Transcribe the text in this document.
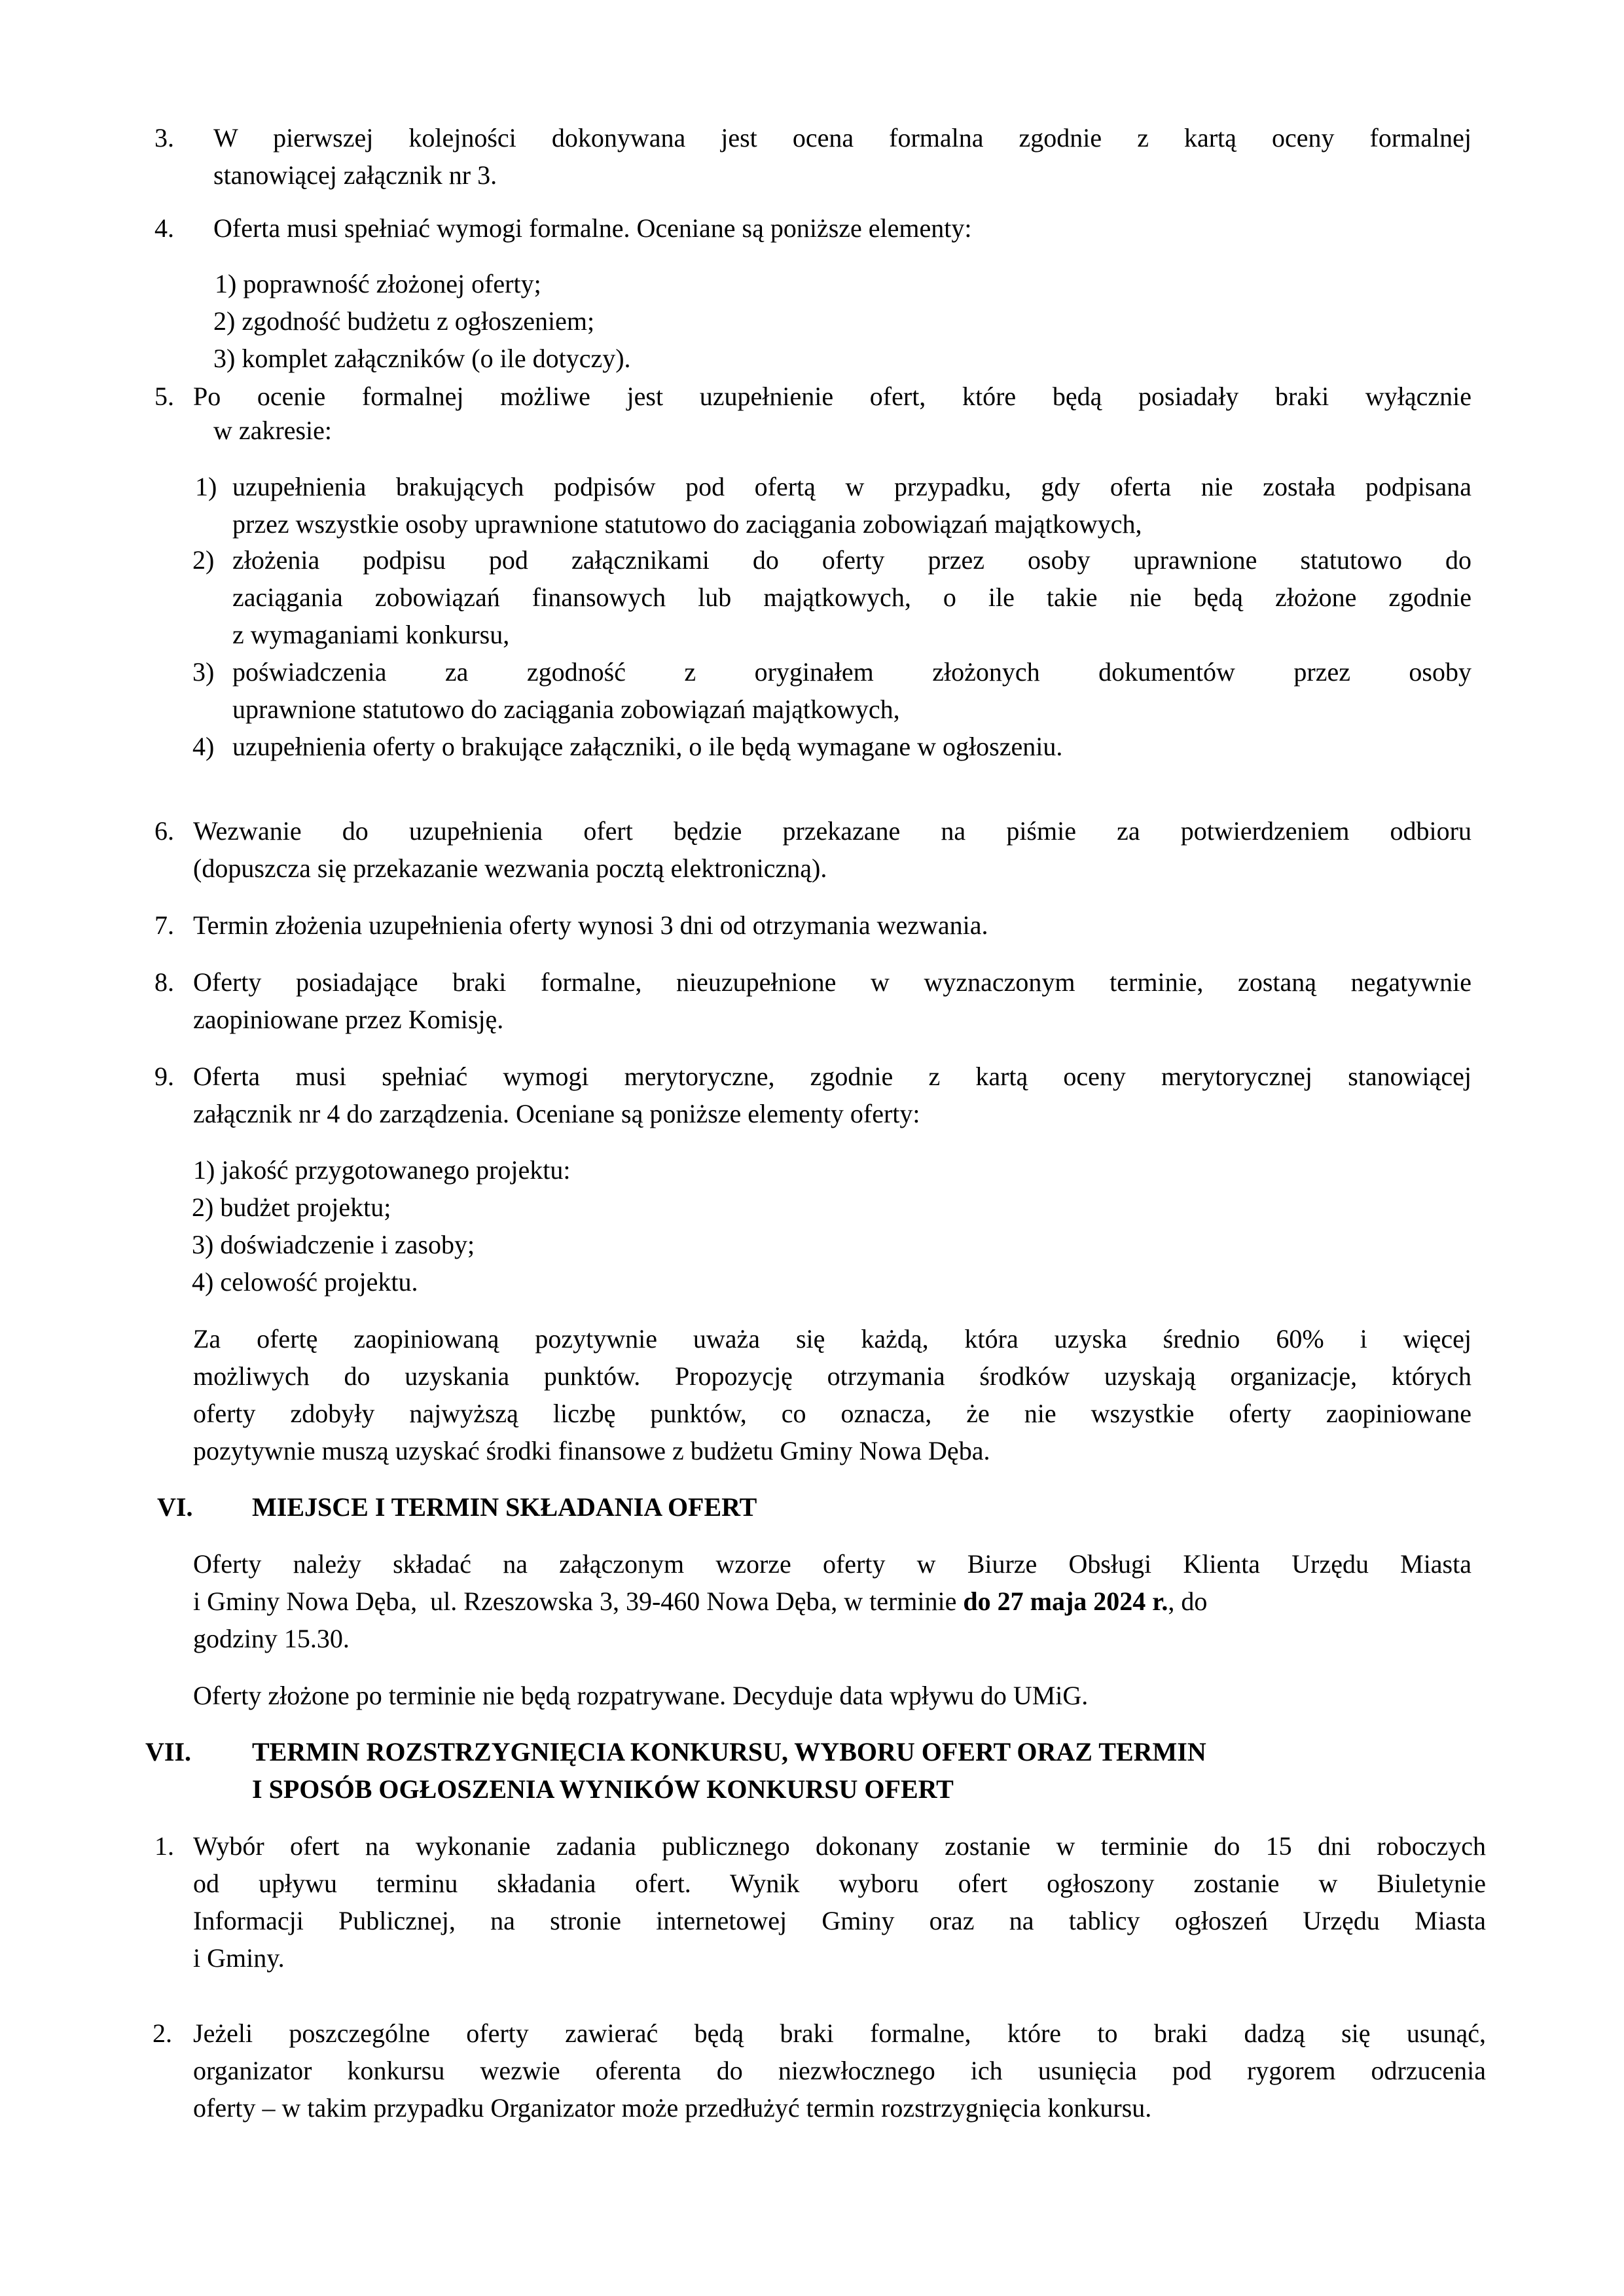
3. W pierwszej kolejności dokonywana jest ocena formalna zgodnie z kartą oceny formalnej
stanowiącej załącznik nr 3.
4. Oferta musi spełniać wymogi formalne. Oceniane są poniższe elementy:
1) poprawność złożonej oferty;
2) zgodność budżetu z ogłoszeniem;
3) komplet załączników (o ile dotyczy).
5. Po ocenie formalnej możliwe jest uzupełnienie ofert, które będą posiadały braki wyłącznie
w zakresie:
1) uzupełnienia brakujących podpisów pod ofertą w przypadku, gdy oferta nie została podpisana
przez wszystkie osoby uprawnione statutowo do zaciągania zobowiązań majątkowych,
2) złożenia podpisu pod załącznikami do oferty przez osoby uprawnione statutowo do
zaciągania zobowiązań finansowych lub majątkowych, o ile takie nie będą złożone zgodnie
z wymaganiami konkursu,
3) poświadczenia za zgodność z oryginałem złożonych dokumentów przez osoby
uprawnione statutowo do zaciągania zobowiązań majątkowych,
4) uzupełnienia oferty o brakujące załączniki, o ile będą wymagane w ogłoszeniu.
6. Wezwanie do uzupełnienia ofert będzie przekazane na piśmie za potwierdzeniem odbioru
(dopuszcza się przekazanie wezwania pocztą elektroniczną).
7. Termin złożenia uzupełnienia oferty wynosi 3 dni od otrzymania wezwania.
8. Oferty posiadające braki formalne, nieuzupełnione w wyznaczonym terminie, zostaną negatywnie
zaopiniowane przez Komisję.
9. Oferta musi spełniać wymogi merytoryczne, zgodnie z kartą oceny merytorycznej stanowiącej
załącznik nr 4 do zarządzenia. Oceniane są poniższe elementy oferty:
1) jakość przygotowanego projektu:
2) budżet projektu;
3) doświadczenie i zasoby;
4) celowość projektu.
Za ofertę zaopiniowaną pozytywnie uważa się każdą, która uzyska średnio 60% i więcej
możliwych do uzyskania punktów. Propozycję otrzymania środków uzyskają organizacje, których
oferty zdobyły najwyższą liczbę punktów, co oznacza, że nie wszystkie oferty zaopiniowane
pozytywnie muszą uzyskać środki finansowe z budżetu Gminy Nowa Dęba.
VI. MIEJSCE I TERMIN SKŁADANIA OFERT
Oferty należy składać na załączonym wzorze oferty w Biurze Obsługi Klienta Urzędu Miasta
i Gminy Nowa Dęba,  ul. Rzeszowska 3, 39-460 Nowa Dęba, w terminie do 27 maja 2024 r., do
godziny 15.30.
Oferty złożone po terminie nie będą rozpatrywane. Decyduje data wpływu do UMiG.
VII. TERMIN ROZSTRZYGNIĘCIA KONKURSU, WYBORU OFERT ORAZ TERMIN
I SPOSÓB OGŁOSZENIA WYNIKÓW KONKURSU OFERT
1. Wybór ofert na wykonanie zadania publicznego dokonany zostanie w terminie do 15 dni roboczych
od upływu terminu składania ofert. Wynik wyboru ofert ogłoszony zostanie w Biuletynie
Informacji Publicznej, na stronie internetowej Gminy oraz na tablicy ogłoszeń Urzędu Miasta
i Gminy.
2. Jeżeli poszczególne oferty zawierać będą braki formalne, które to braki dadzą się usunąć,
organizator konkursu wezwie oferenta do niezwłocznego ich usunięcia pod rygorem odrzucenia
oferty – w takim przypadku Organizator może przedłużyć termin rozstrzygnięcia konkursu.
